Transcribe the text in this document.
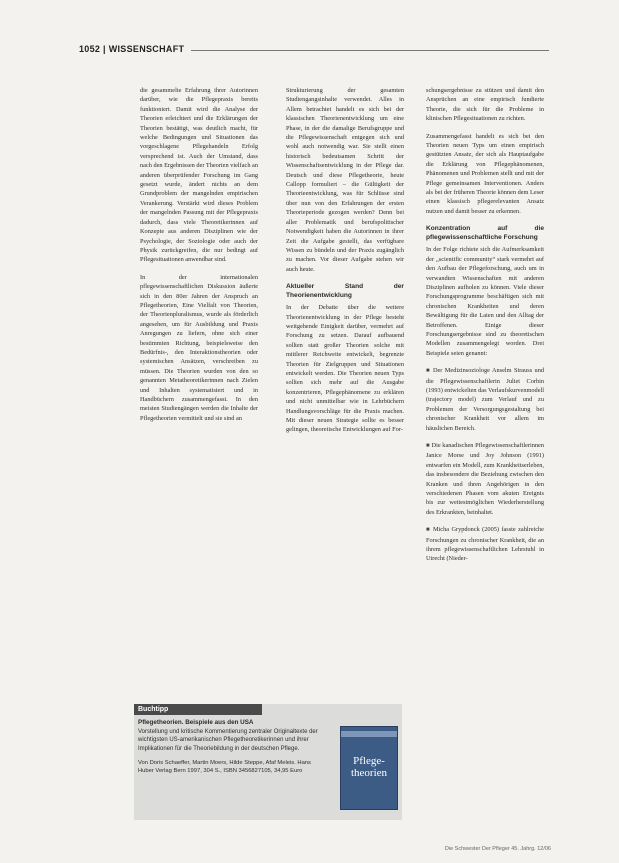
1052 | WISSENSCHAFT

die gesammelte Erfahrung ihrer Autorinnen darüber, wie die Pflegepraxis bereits funktioniert. Damit wird die Analyse der Theorien erleichtert und die Erklärungen der Theorien bestätigt, was deutlich macht, für welche Bedingungen und Situationen das vorgeschlagene Pflegehandeln Erfolg versprechend ist. Auch der Umstand, dass nach den Ergebnissen der Theorien vielfach an anderen überprüfender Forschung im Gang gesetzt wurde, ändert nichts an dem Grundproblem der mangelnden empirischen Verankerung. Verstärkt wird dieses Problem der mangelnden Passung mit der Pflegepraxis dadurch, dass viele Theoretikerinnen auf Konzepte aus anderen Disziplinen wie der Psychologie, der Soziologie oder auch der Physik zurückgreifen, die nur bedingt auf Pflegesituationen anwendbar sind.

In der internationalen pflegewissenschaftlichen Diskussion äußerte sich in den 80er Jahren der Anspruch an Pflegetheorien, Eine Vielfalt von Theorien, der Theorienpluralismus, wurde als förderlich angesehen, um für Ausbildung und Praxis Anregungen zu liefern, ohne sich einer bestimmten Richtung, beispielsweise den Bedürfnis-, den Interaktionstheorien oder systemischen Ansätzen, verschreiben zu müssen. Die Theorien wurden von den so genannten Metatheoretikerinnen nach Zielen und Inhalten systematisiert und in Handbüchern zusammengefasst. In den meisten Studiengängen werden die Inhalte der Pflegetheorien vermittelt und sie sind an

Strukturierung der gesamten Studiengangsinhalte verwendet. Alles in Allem betrachtet handelt es sich bei der klassischen Theorienentwicklung um eine Phase, in der die damalige Berufsgruppe und die Pflegewissenschaft entgegen sich und wohl auch notwendig war. Sie stellt einen historisch bedeutsamen Schritt der Wissenschaftsentwicklung in der Pflege dar. Deutsch und diese Pflegetheorie, heute Callopp formuliert – die Gültigkeit der Theorieentwicklung, was für Schlüsse sind über nun von den Erfahrungen der ersten Theorieperiode gezogen werden? Denn bei aller Problematik und berufspolitischer Notwendigkeit haben die Autorinnen in ihrer Zeit die Aufgabe gestellt, das verfügbare Wissen zu bündeln und der Praxis zugänglich zu machen. Vor dieser Aufgabe stehen wir auch heute.

Aktueller Stand der Theorienentwicklung

In der Debatte über die weitere Theorienentwicklung in der Pflege besteht weitgehende Einigkeit darüber, vermehrt auf Forschung zu setzen. Darauf aufbauend sollten statt großer Theorien solche mit mittlerer Reichweite entwickelt, begrenzte Theorien für Zielgruppen und Situationen entwickelt werden. Die Theorien neuen Typs sollten sich mehr auf die Ausgabe konzentrieren, Pflegephänomene zu erklären und nicht unmittelbar wie in Lehrbüchern Handlungsvorschläge für die Praxis machen. Mit dieser neuen Strategie sollte es besser gelingen, theoretische Entwicklungen auf For-

schungsergebnisse zu stützen und damit den Ansprüchen an eine empirisch fundierte Theorie, die sich für die Probleme in klinischen Pflegesituationen zu richten.

Zusammengefasst handelt es sich bei den Theorien neuen Typs um einen empirisch gestützten Ansatz, der sich als Hauptaufgabe die Erklärung von Pflegephänomenen, Phänomenen und Problemen stellt und mit der Pflege gemeinsamen Interventionen. Anders als bei der früheren Theorie können dem Leser einen klassisch pflegerelevanten Ansatz nutzen und damit besser zu erkennen.

Konzentration auf die pflegewissenschaftliche Forschung

In der Folge richtete sich die Aufmerksamkeit der „scientific community“ stark vermehrt auf den Aufbau der Pflegeforschung, auch um in verwandten Wissenschaften mit anderen Disziplinen aufholen zu können. Viele dieser Forschungsprogramme beschäftigen sich mit chronischen Krankheiten und deren Bewältigung für die Laien und den Alltag der Betroffenen. Einige dieser Forschungsergebnisse sind zu theoretischen Modellen zusammengelegt worden. Drei Beispiele seien genannt:

■ Der Medizinsoziologe Anselm Strauss und die Pflegewissenschaftlerin Juliet Corbin (1993) entwickelten das Verlaufskurvenmodell (trajectory model) zum Verlauf und zu Problemen der Versorgungsgestaltung bei chronischer Krankheit vor allem im häuslichen Bereich.

■ Die kanadischen Pflegewissenschaftlerinnen Janice Morse und Joy Johnson (1991) entwarfen ein Modell, zum Krankheitserleben, das insbesondere die Beziehung zwischen den Kranken und ihren Angehörigen in den verschiedenen Phasen vom akuten Ereignis bis zur weitestmöglichen Wiederherstellung des Erkrankten, beinhaltet.

■ Micha Grypdonck (2005) fasste zahlreiche Forschungen zu chronischer Krankheit, die an ihrem pflegewissenschaftlichen Lehrstuhl in Utrecht (Nieder-

Buchtipp
Pflegetheorien. Beispiele aus den USA
Vorstellung und kritische Kommentierung zentraler Originaltexte der wichtigsten US-amerikanischen Pflegetheoretikerinnen und ihrer Implikationen für die Theoriebildung in der deutschen Pflege.
Von Doris Schaeffer, Martin Moers, Hilde Steppe, Afaf Meleis. Hans Huber Verlag Bern 1997, 304 S., ISBN 3456827105, 34,95 Euro
Pflege-theorien
Die Schwester Der Pfleger 45. Jahrg. 12/06
